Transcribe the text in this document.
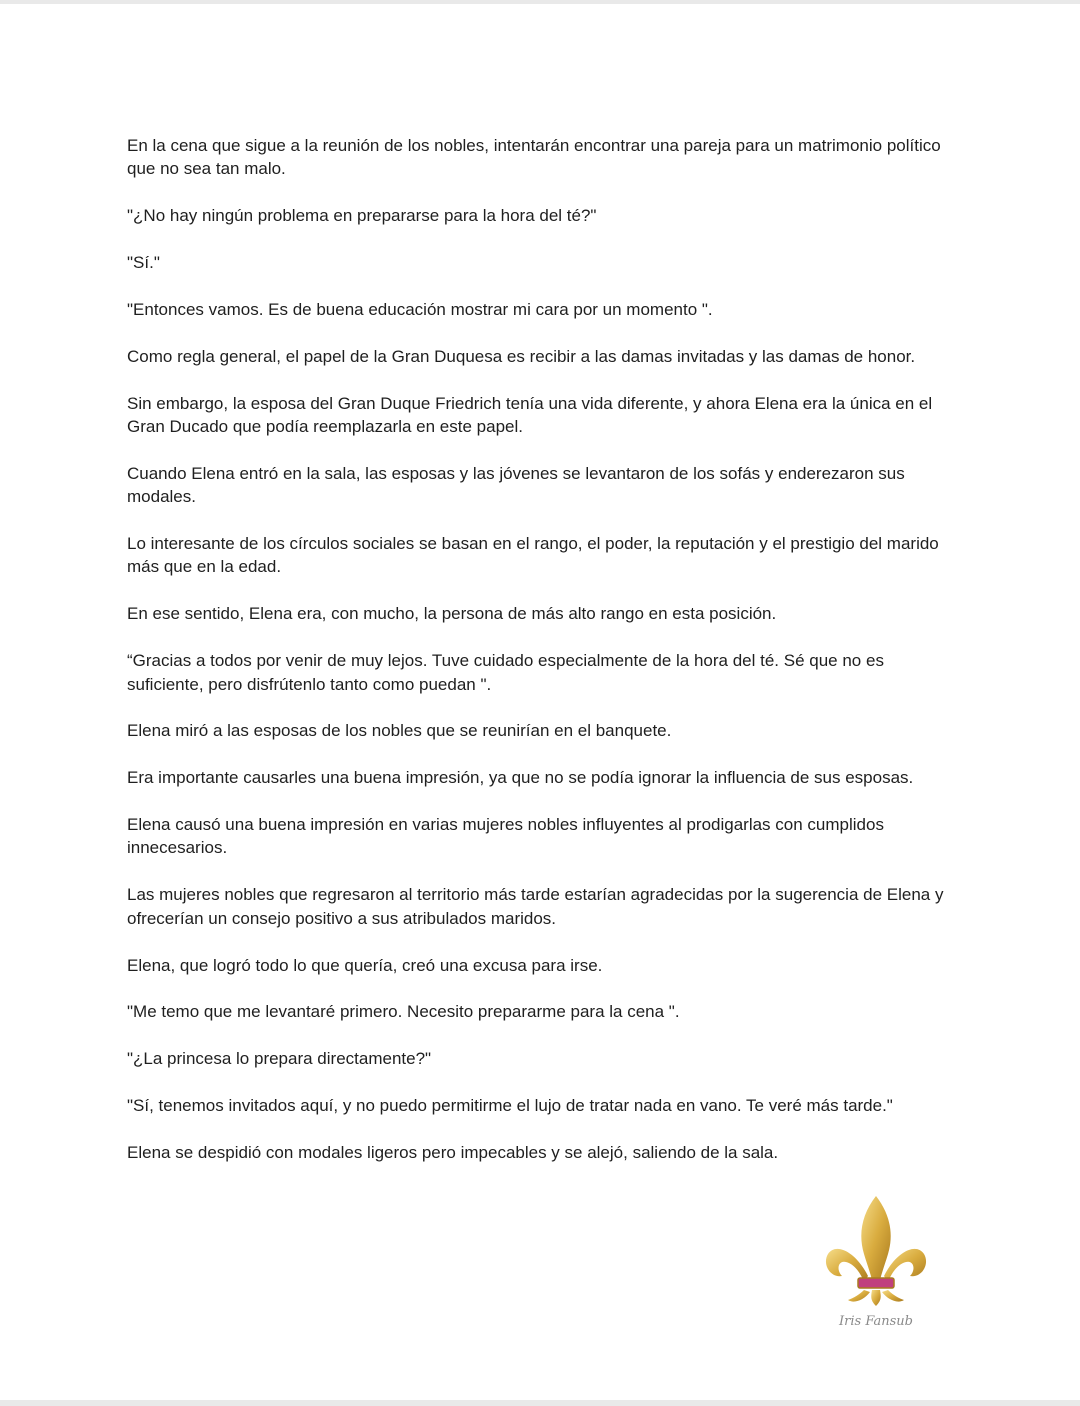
En la cena que sigue a la reunión de los nobles, intentarán encontrar una pareja para un matrimonio político que no sea tan malo.

"¿No hay ningún problema en prepararse para la hora del té?"

"Sí."

"Entonces vamos. Es de buena educación mostrar mi cara por un momento ".

Como regla general, el papel de la Gran Duquesa es recibir a las damas invitadas y las damas de honor.

Sin embargo, la esposa del Gran Duque Friedrich tenía una vida diferente, y ahora Elena era la única en el Gran Ducado que podía reemplazarla en este papel.

Cuando Elena entró en la sala, las esposas y las jóvenes se levantaron de los sofás y enderezaron sus modales.

Lo interesante de los círculos sociales se basan en el rango, el poder, la reputación y el prestigio del marido más que en la edad.

En ese sentido, Elena era, con mucho, la persona de más alto rango en esta posición.

“Gracias a todos por venir de muy lejos. Tuve cuidado especialmente de la hora del té. Sé que no es suficiente, pero disfrútenlo tanto como puedan ".

Elena miró a las esposas de los nobles que se reunirían en el banquete.

Era importante causarles una buena impresión, ya que no se podía ignorar la influencia de sus esposas.

Elena causó una buena impresión en varias mujeres nobles influyentes al prodigarlas con cumplidos innecesarios.

Las mujeres nobles que regresaron al territorio más tarde estarían agradecidas por la sugerencia de Elena y ofrecerían un consejo positivo a sus atribulados maridos.

Elena, que logró todo lo que quería, creó una excusa para irse.

"Me temo que me levantaré primero. Necesito prepararme para la cena ".

"¿La princesa lo prepara directamente?"

"Sí, tenemos invitados aquí, y no puedo permitirme el lujo de tratar nada en vano. Te veré más tarde."

Elena se despidió con modales ligeros pero impecables y se alejó, saliendo de la sala.

Iris Fansub
